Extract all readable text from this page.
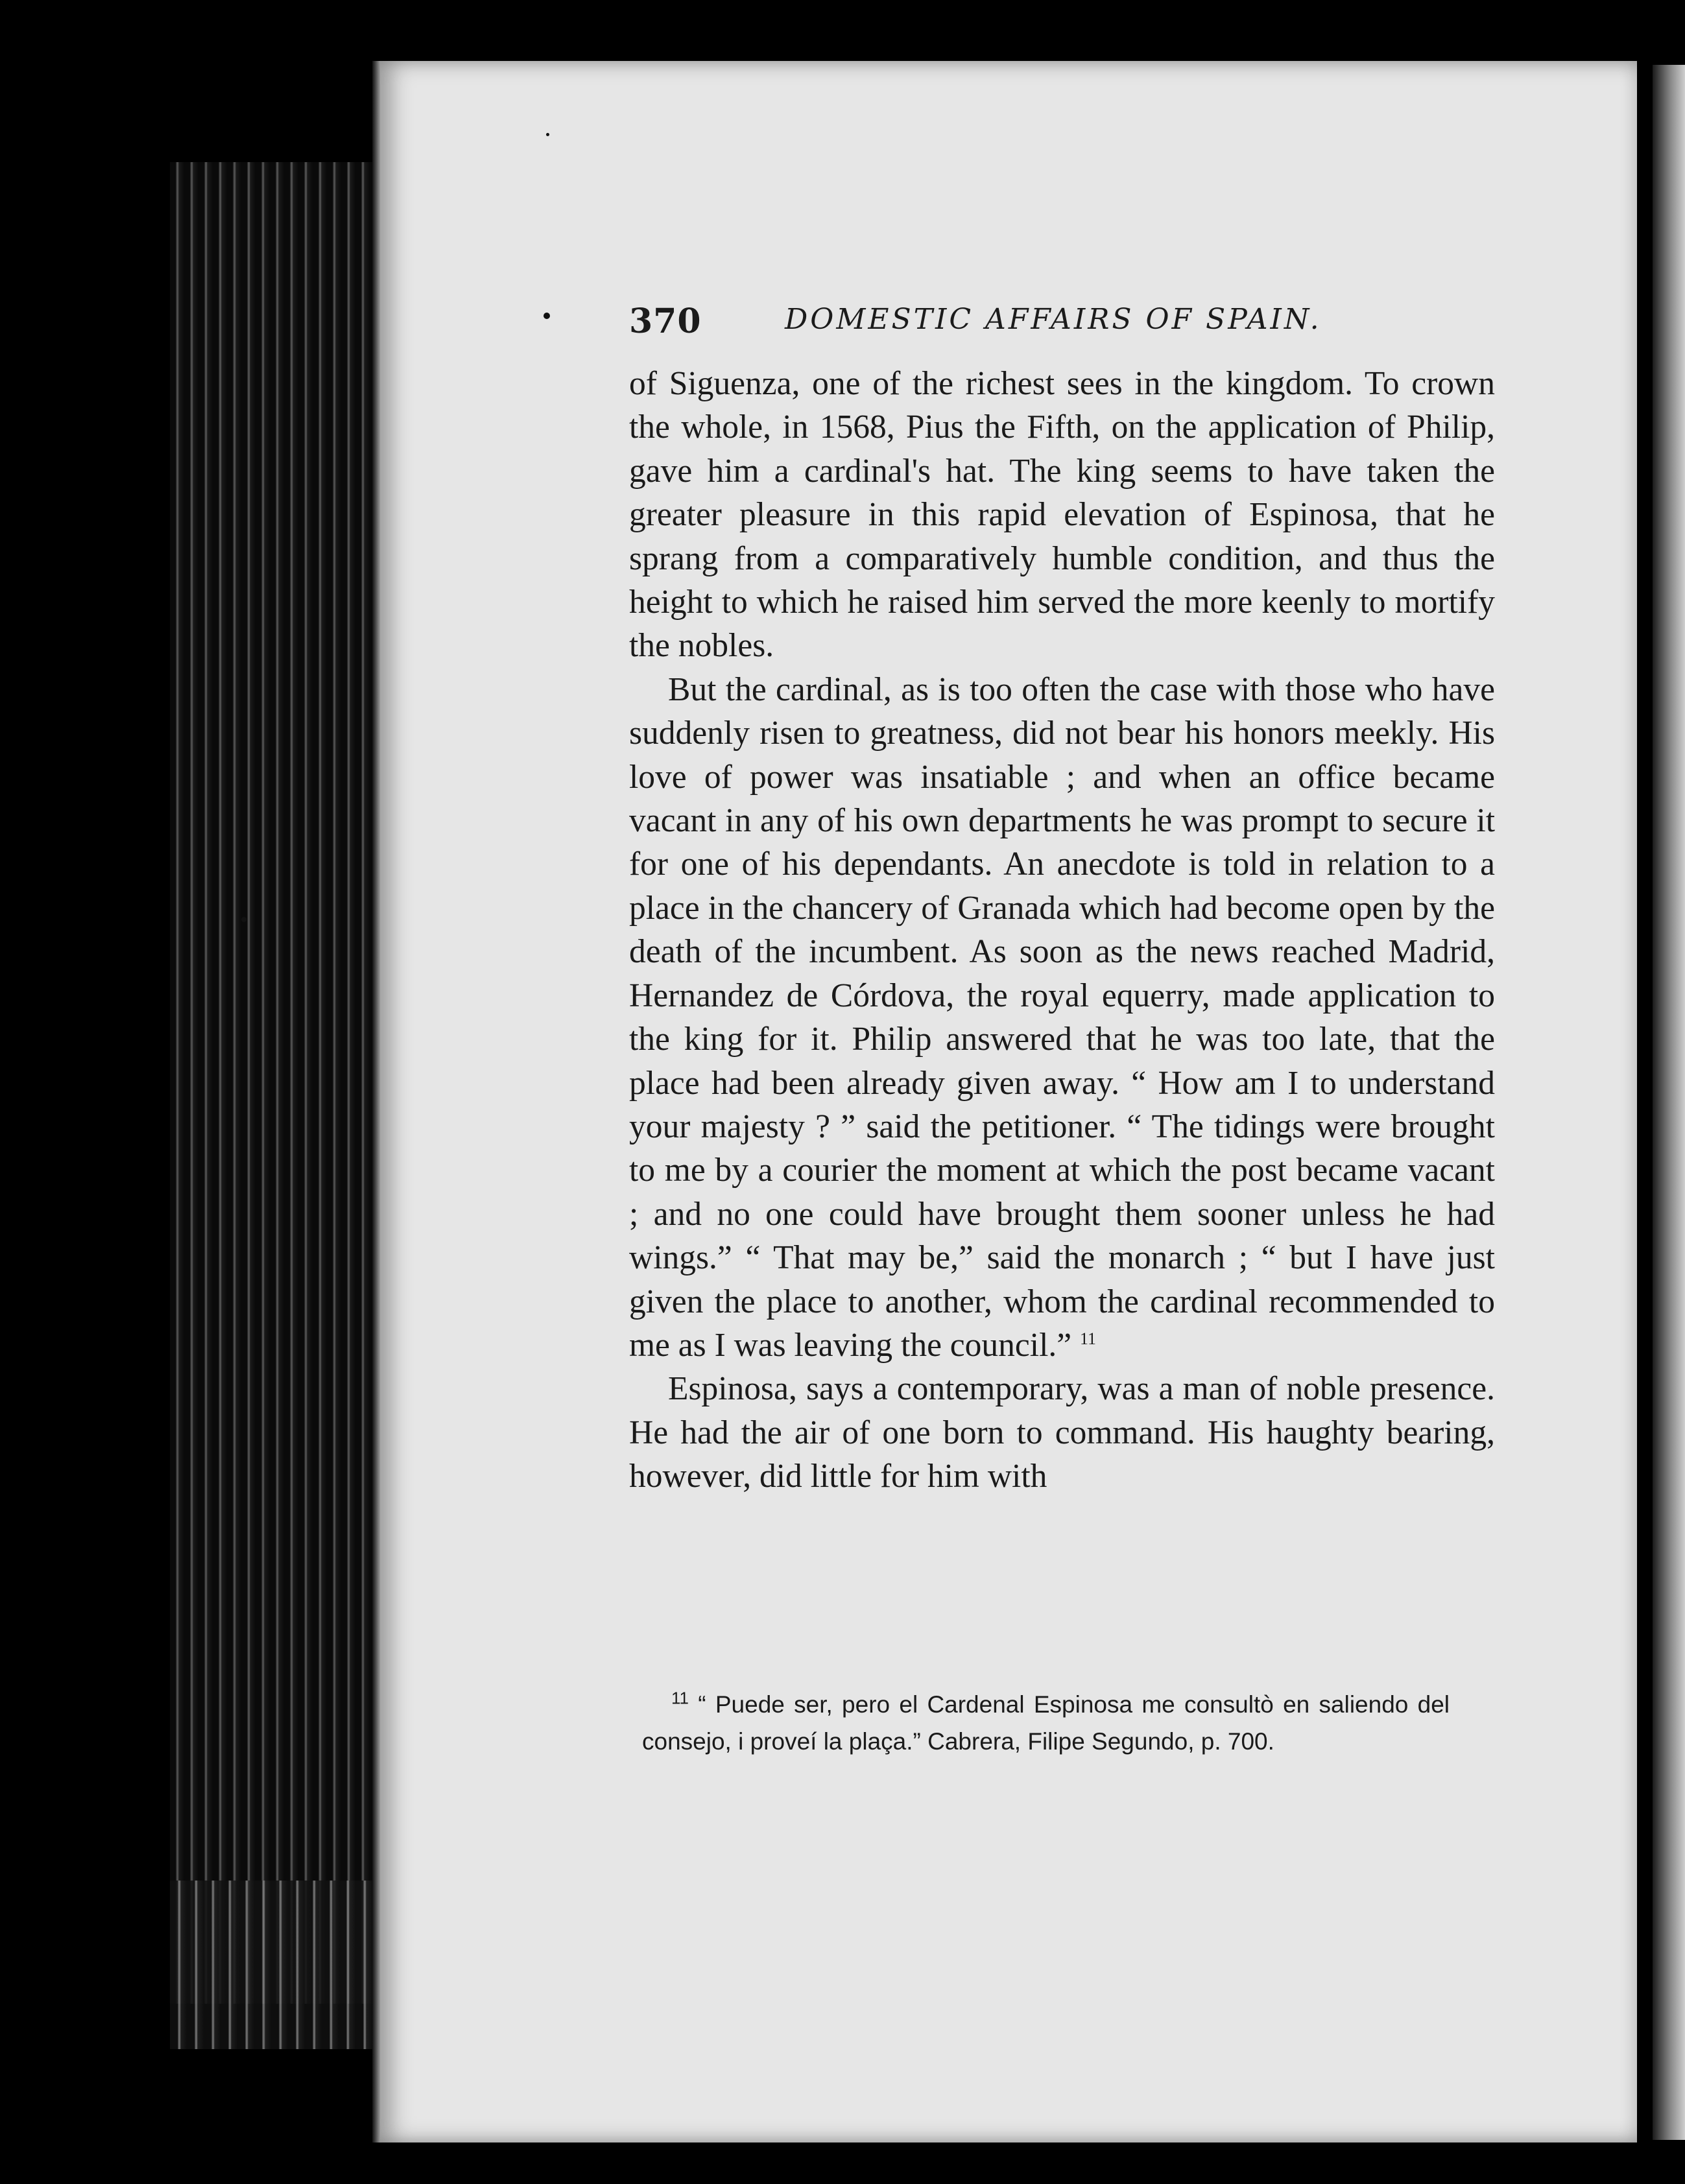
370	DOMESTIC AFFAIRS OF SPAIN.

of Siguenza, one of the richest sees in the kingdom. To crown the whole, in 1568, Pius the Fifth, on the application of Philip, gave him a cardinal's hat. The king seems to have taken the greater pleasure in this rapid elevation of Espinosa, that he sprang from a comparatively humble condition, and thus the height to which he raised him served the more keenly to mortify the nobles.

But the cardinal, as is too often the case with those who have suddenly risen to greatness, did not bear his honors meekly. His love of power was insatiable ; and when an office became vacant in any of his own departments he was prompt to secure it for one of his dependants. An anecdote is told in relation to a place in the chancery of Granada which had become open by the death of the incumbent. As soon as the news reached Madrid, Hernandez de Córdova, the royal equerry, made application to the king for it. Philip answered that he was too late, that the place had been already given away. “ How am I to understand your majesty ? ” said the petitioner. “ The tidings were brought to me by a courier the moment at which the post became vacant ; and no one could have brought them sooner unless he had wings.” “ That may be,” said the monarch ; “ but I have just given the place to another, whom the cardinal recommended to me as I was leaving the council.” $^{11}$

Espinosa, says a contemporary, was a man of noble presence. He had the air of one born to command. His haughty bearing, however, did little for him with

$^{11}$ “ Puede ser, pero el Cardenal Espinosa me consultò en saliendo del consejo, i proveí la plaça.” Cabrera, Filipe Segundo, p. 700.
